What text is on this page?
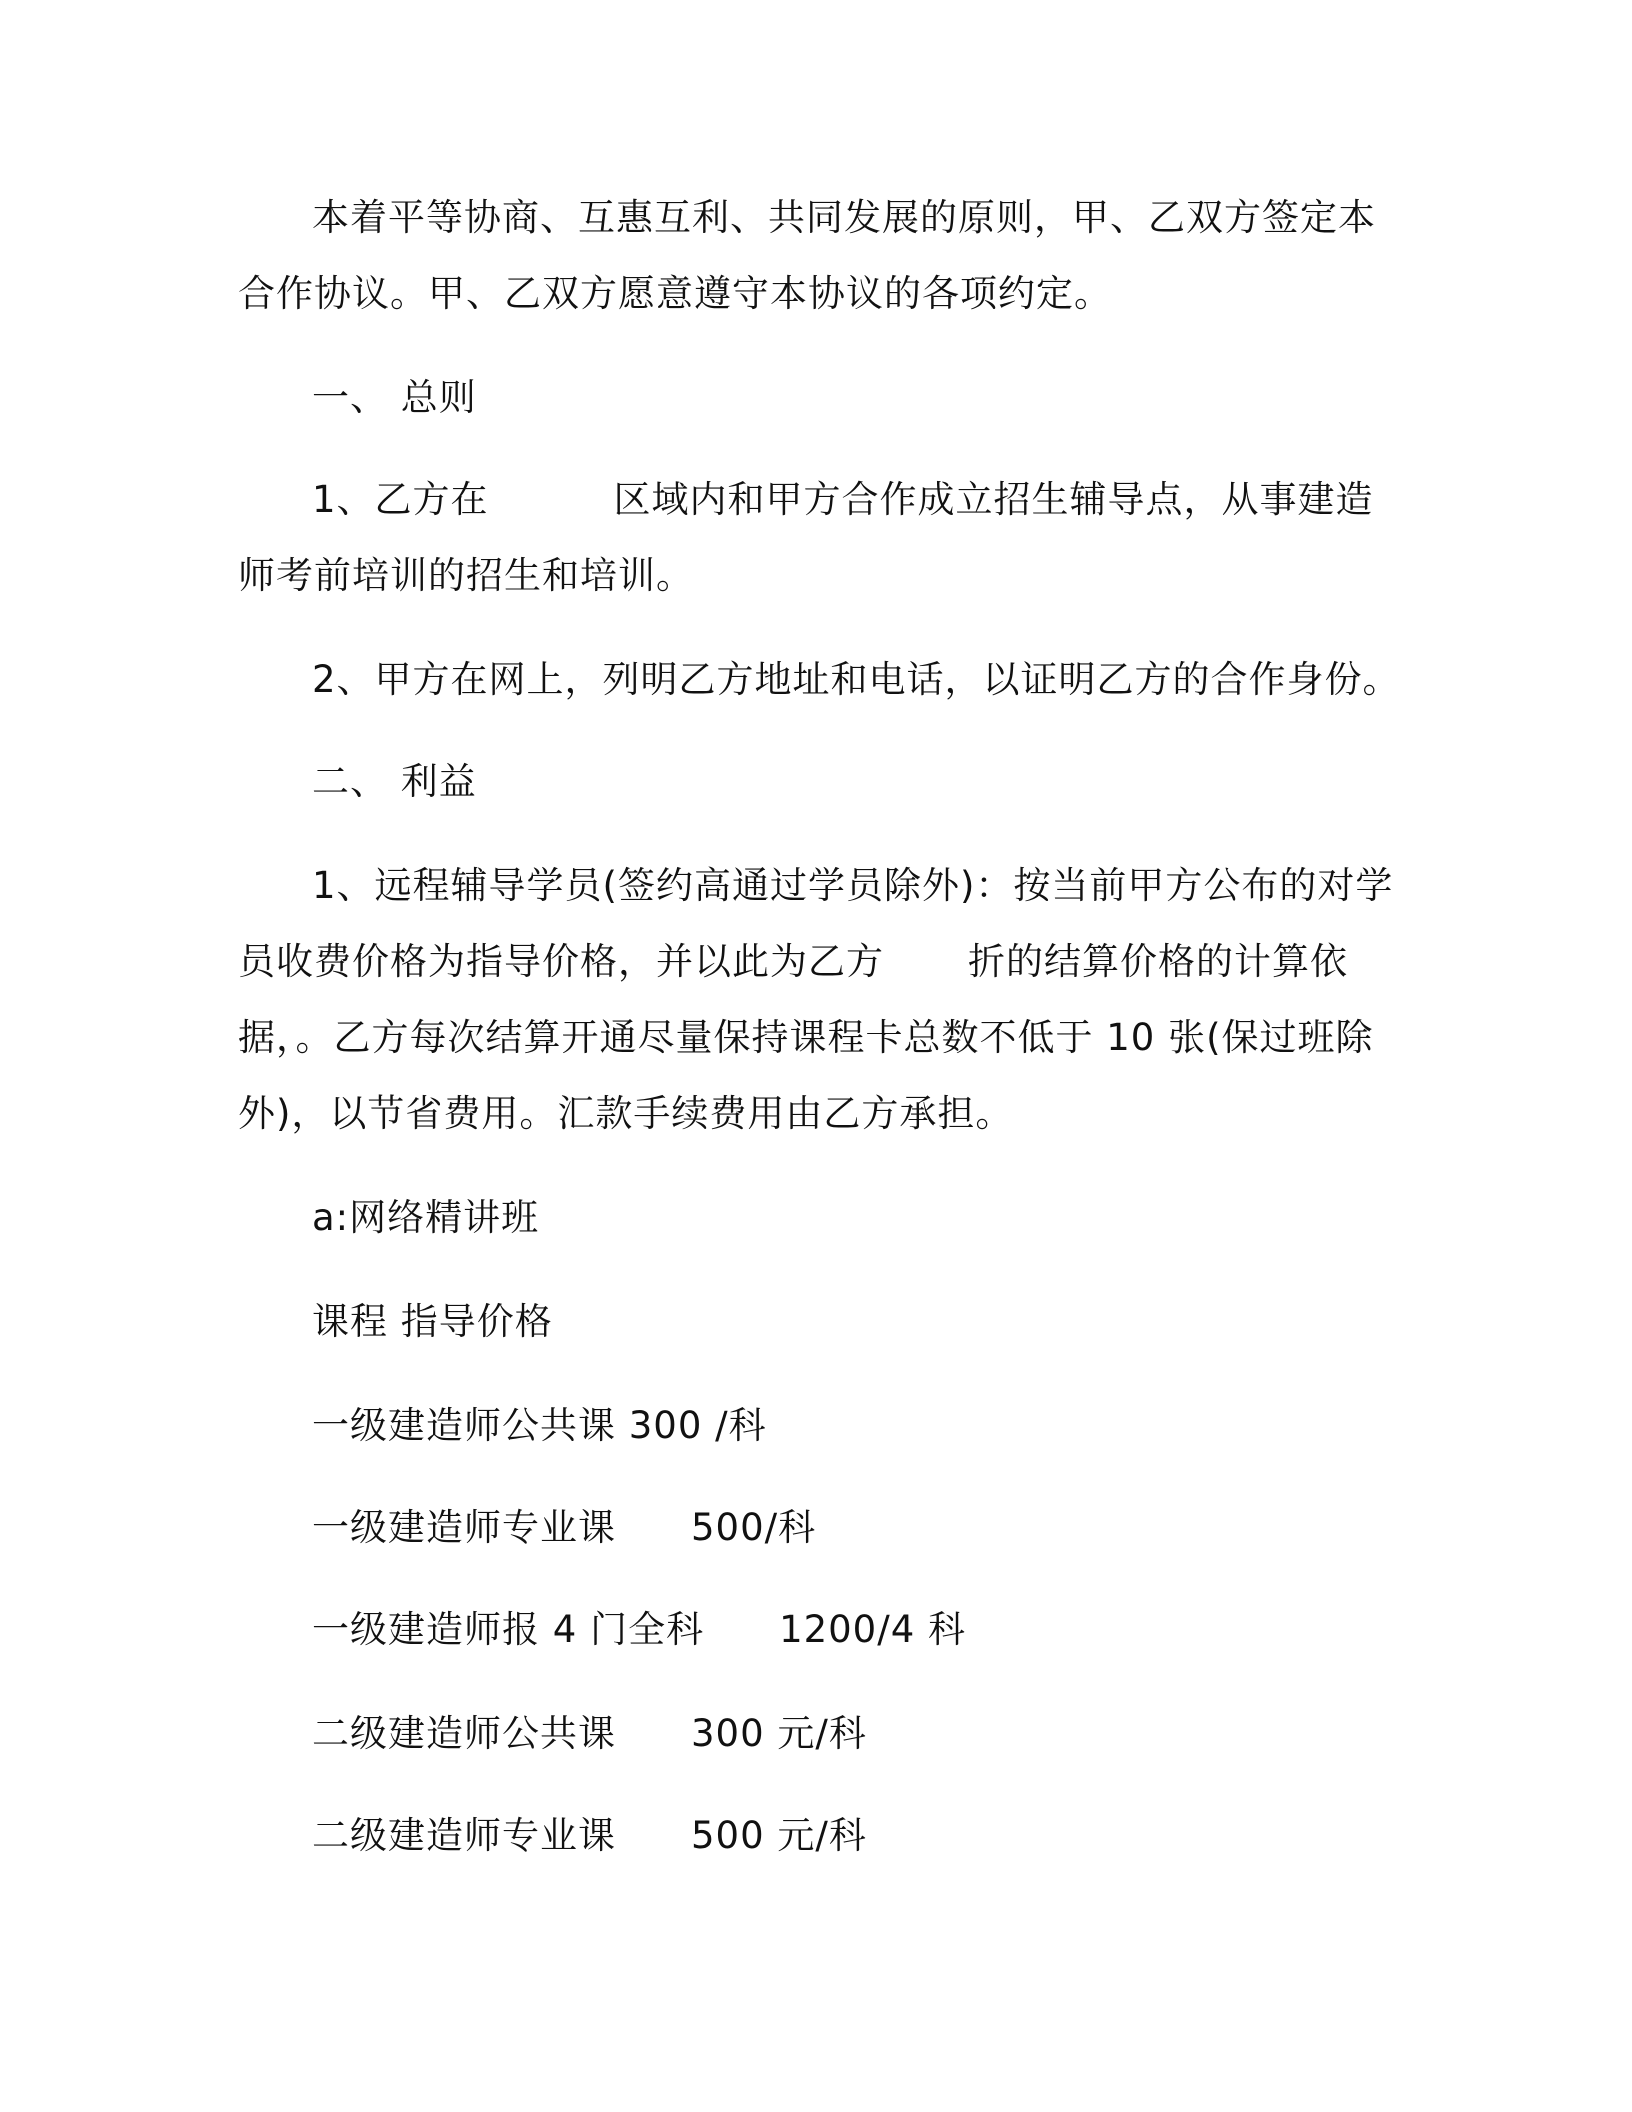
本着平等协商、互惠互利、共同发展的原则，甲、乙双方签定本
合作协议。甲、乙双方愿意遵守本协议的各项约定。
一、 总则
1、乙方在	区域内和甲方合作成立招生辅导点，从事建造
师考前培训的招生和培训。
2、甲方在网上，列明乙方地址和电话，以证明乙方的合作身份。
二、 利益
1、远程辅导学员(签约高通过学员除外)：按当前甲方公布的对学
员收费价格为指导价格，并以此为乙方 折的结算价格的计算依
据，。乙方每次结算开通尽量保持课程卡总数不低于 10 张(保过班除
外)，以节省费用。汇款手续费用由乙方承担。
a:网络精讲班
课程 指导价格
一级建造师公共课 300 /科
一级建造师专业课 500/科
一级建造师报 4 门全科 1200/4 科
二级建造师公共课 300 元/科
二级建造师专业课 500 元/科
